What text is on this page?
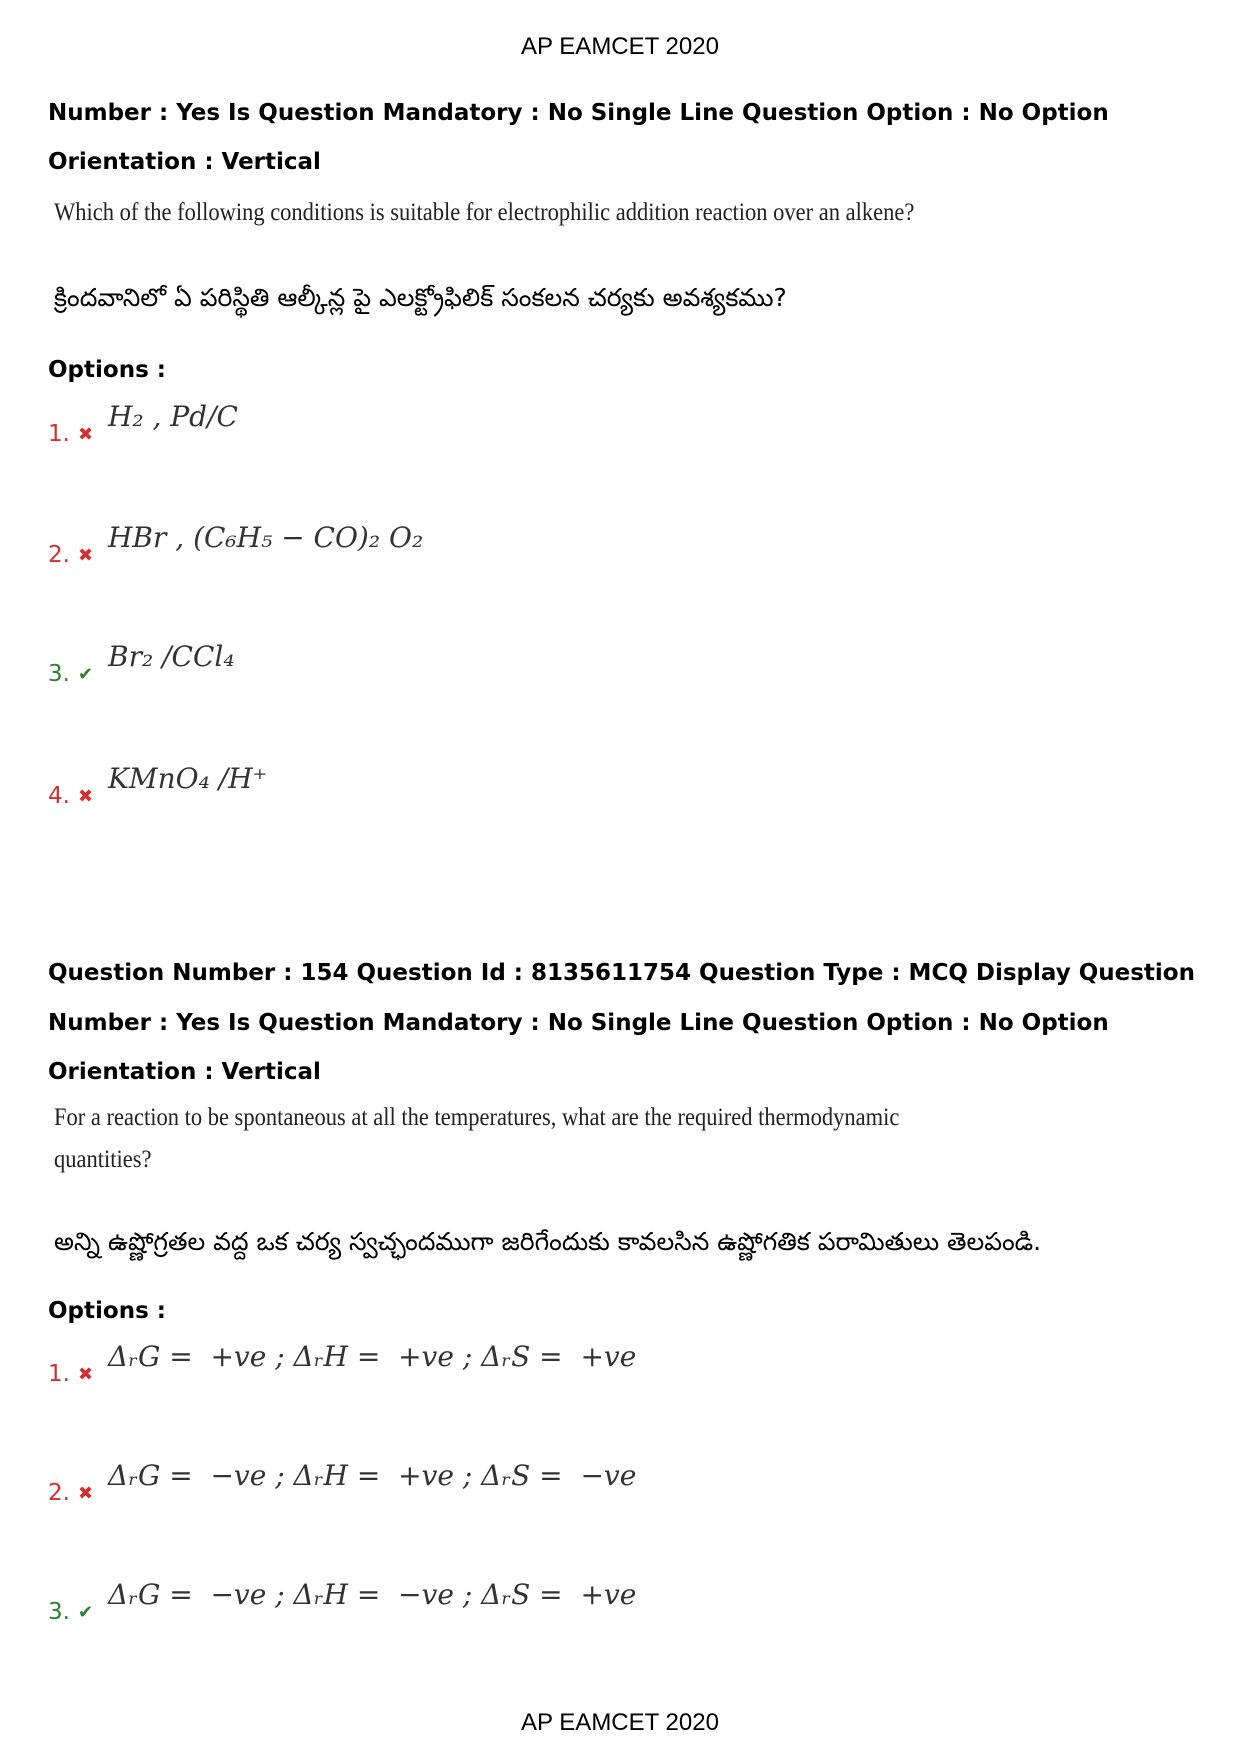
AP EAMCET 2020
Number : Yes Is Question Mandatory : No Single Line Question Option : No Option
Orientation : Vertical
Which of the following conditions is suitable for electrophilic addition reaction over an alkene?
క్రిందవానిలో ఏ పరిస్థితి ఆల్కీన్ల పై ఎలక్ట్రోఫిలిక్ సంకలన చర్యకు అవశ్యకము?
Options :
1. ✖
H₂ , Pd/C
2. ✖
HBr , (C₆H₅ − CO)₂ O₂
3. ✔
Br₂ /CCl₄
4. ✖
KMnO₄ /H⁺
Question Number : 154 Question Id : 8135611754 Question Type : MCQ Display Question
Number : Yes Is Question Mandatory : No Single Line Question Option : No Option
Orientation : Vertical
For a reaction to be spontaneous at all the temperatures, what are the required thermodynamic
quantities?
అన్ని ఉష్ణోగ్రతల వద్ద ఒక చర్య స్వచ్ఛందముగా జరిగేందుకు కావలసిన ఉష్ణోగతిక పరామితులు తెలపండి.
Options :
1. ✖
ΔᵣG =  +ve ; ΔᵣH =  +ve ; ΔᵣS =  +ve
2. ✖
ΔᵣG =  −ve ; ΔᵣH =  +ve ; ΔᵣS =  −ve
3. ✔
ΔᵣG =  −ve ; ΔᵣH =  −ve ; ΔᵣS =  +ve
AP EAMCET 2020
